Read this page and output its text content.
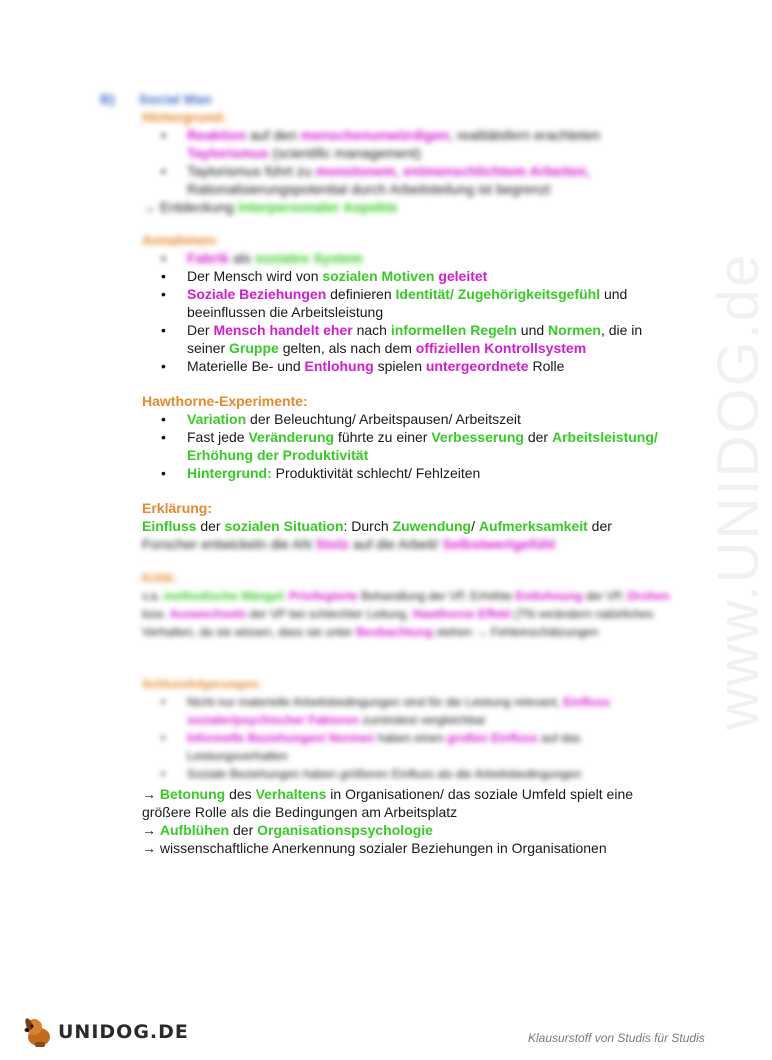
www.UNIDOG.de
B) Social Man
Hintergrund:
• Reaktion auf den menschenunwürdigen, realitätsfern erachteten Taylorismus (scientific management)
• Taylorismus führt zu monotonem, entmenschlichtem Arbeiten, Rationalisierungspotential durch Arbeitsteilung ist begrenzt
→ Entdeckung interpersonaler Aspekte
Annahmen:
• Fabrik als soziales System
• Der Mensch wird von sozialen Motiven geleitet
• Soziale Beziehungen definieren Identität/ Zugehörigkeitsgefühl und beeinflussen die Arbeitsleistung
• Der Mensch handelt eher nach informellen Regeln und Normen, die in seiner Gruppe gelten, als nach dem offiziellen Kontrollsystem
• Materielle Be- und Entlohung spielen untergeordnete Rolle
Hawthorne-Experimente:
• Variation der Beleuchtung/ Arbeitspausen/ Arbeitszeit
• Fast jede Veränderung führte zu einer Verbesserung der Arbeitsleistung/ Erhöhung der Produktivität
• Hintergrund: Produktivität schlecht/ Fehlzeiten
Erklärung:
Einfluss der sozialen Situation: Durch Zuwendung/ Aufmerksamkeit der
Forscher entwickeln die AN Stolz auf die Arbeit/ Selbstwertgefühl
Kritik:
v.a. methodische Mängel: Privilegierte Behandlung der VP, Erhöhte Entlohnung der VP, Drohen bzw. Auswechseln der VP bei schlechter Leitung, Hawthorne Effekt (TN verändern natürliches Verhalten, da sie wissen, dass sie unter Beobachtung stehen → Fehleinschätzungen
Schlussfolgerungen:
• Nicht nur materielle Arbeitsbedingungen sind für die Leistung relevant, Einfluss sozialer/psychischer Faktoren zumindest vergleichbar
• Informelle Beziehungen/ Normen haben einen großen Einfluss auf das Leistungsverhalten
• Soziale Beziehungen haben größeren Einfluss als die Arbeitsbedingungen
→ Betonung des Verhaltens in Organisationen/ das soziale Umfeld spielt eine größere Rolle als die Bedingungen am Arbeitsplatz
→ Aufblühen der Organisationspsychologie
→ wissenschaftliche Anerkennung sozialer Beziehungen in Organisationen
UNIDOG.DE	Klausurstoff von Studis für Studis
